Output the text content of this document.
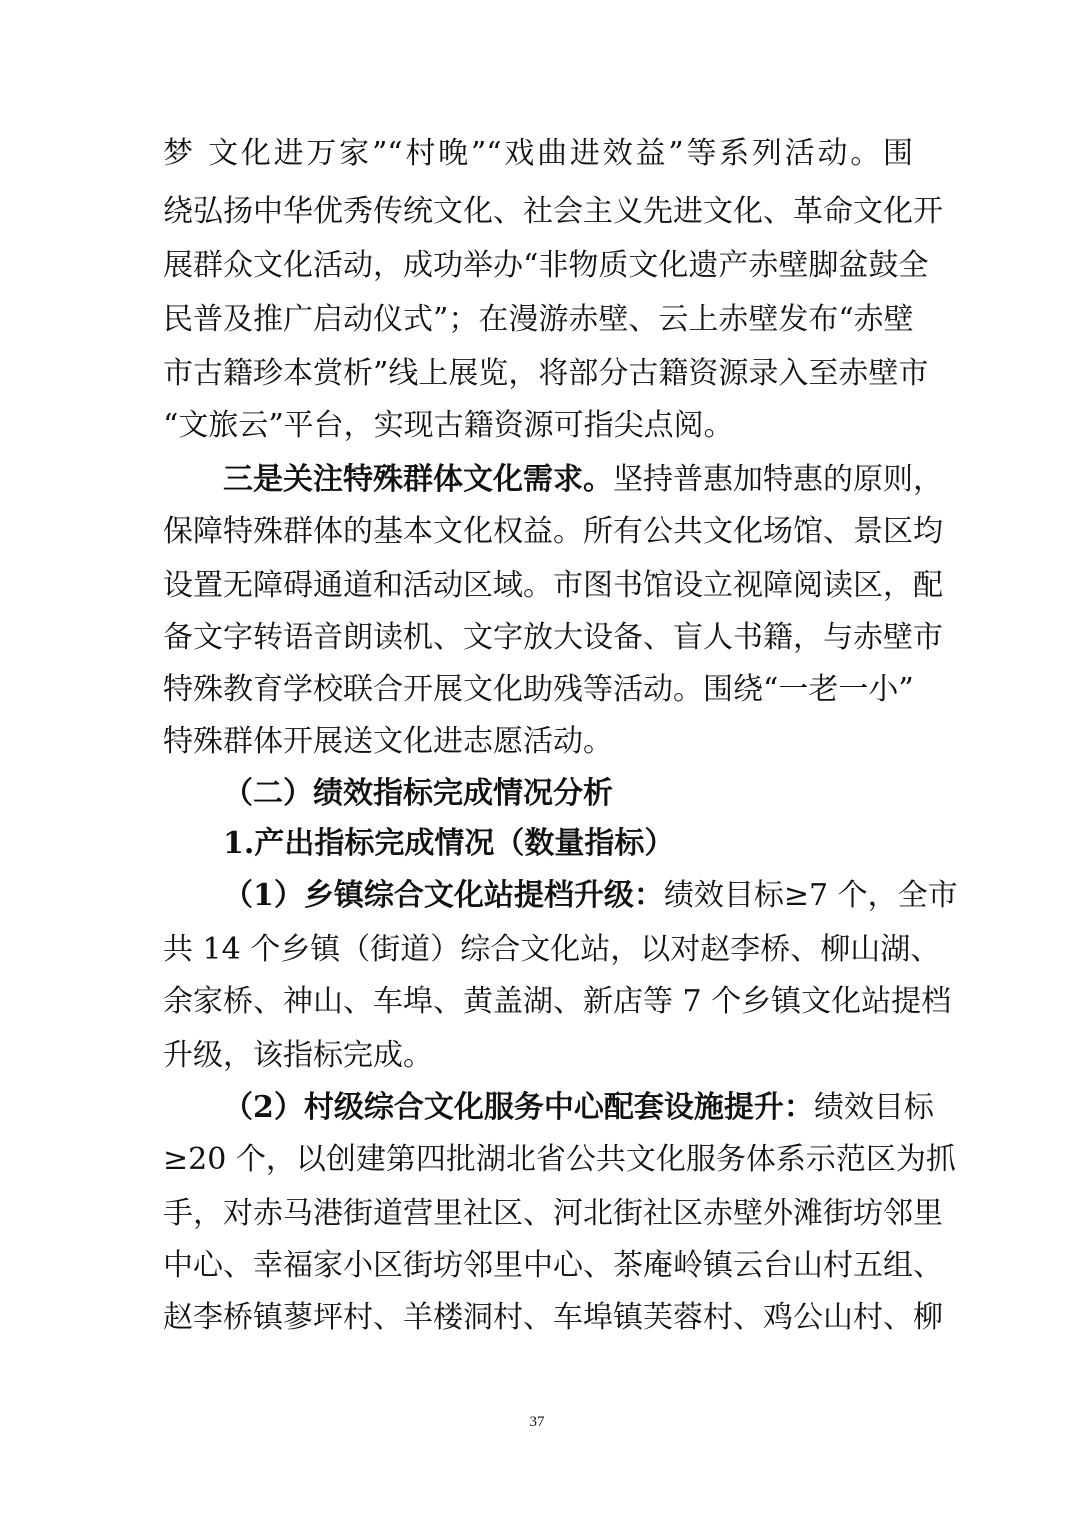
梦 文化进万家”“村晚”“戏曲进效益”等系列活动。围
绕弘扬中华优秀传统文化、社会主义先进文化、革命文化开
展群众文化活动，成功举办“非物质文化遗产赤壁脚盆鼓全
民普及推广启动仪式”；在漫游赤壁、云上赤壁发布“赤壁
市古籍珍本赏析”线上展览，将部分古籍资源录入至赤壁市
“文旅云”平台，实现古籍资源可指尖点阅。
三是关注特殊群体文化需求。坚持普惠加特惠的原则，
保障特殊群体的基本文化权益。所有公共文化场馆、景区均
设置无障碍通道和活动区域。市图书馆设立视障阅读区，配
备文字转语音朗读机、文字放大设备、盲人书籍，与赤壁市
特殊教育学校联合开展文化助残等活动。围绕“一老一小”
特殊群体开展送文化进志愿活动。
（二）绩效指标完成情况分析
1.产出指标完成情况（数量指标）
（1）乡镇综合文化站提档升级：绩效目标≥7 个，全市
共 14 个乡镇（街道）综合文化站，以对赵李桥、柳山湖、
余家桥、神山、车埠、黄盖湖、新店等 7 个乡镇文化站提档
升级，该指标完成。
（2）村级综合文化服务中心配套设施提升：绩效目标
≥20 个，以创建第四批湖北省公共文化服务体系示范区为抓
手，对赤马港街道营里社区、河北街社区赤壁外滩街坊邻里
中心、幸福家小区街坊邻里中心、茶庵岭镇云台山村五组、
赵李桥镇蓼坪村、羊楼洞村、车埠镇芙蓉村、鸡公山村、柳
37
